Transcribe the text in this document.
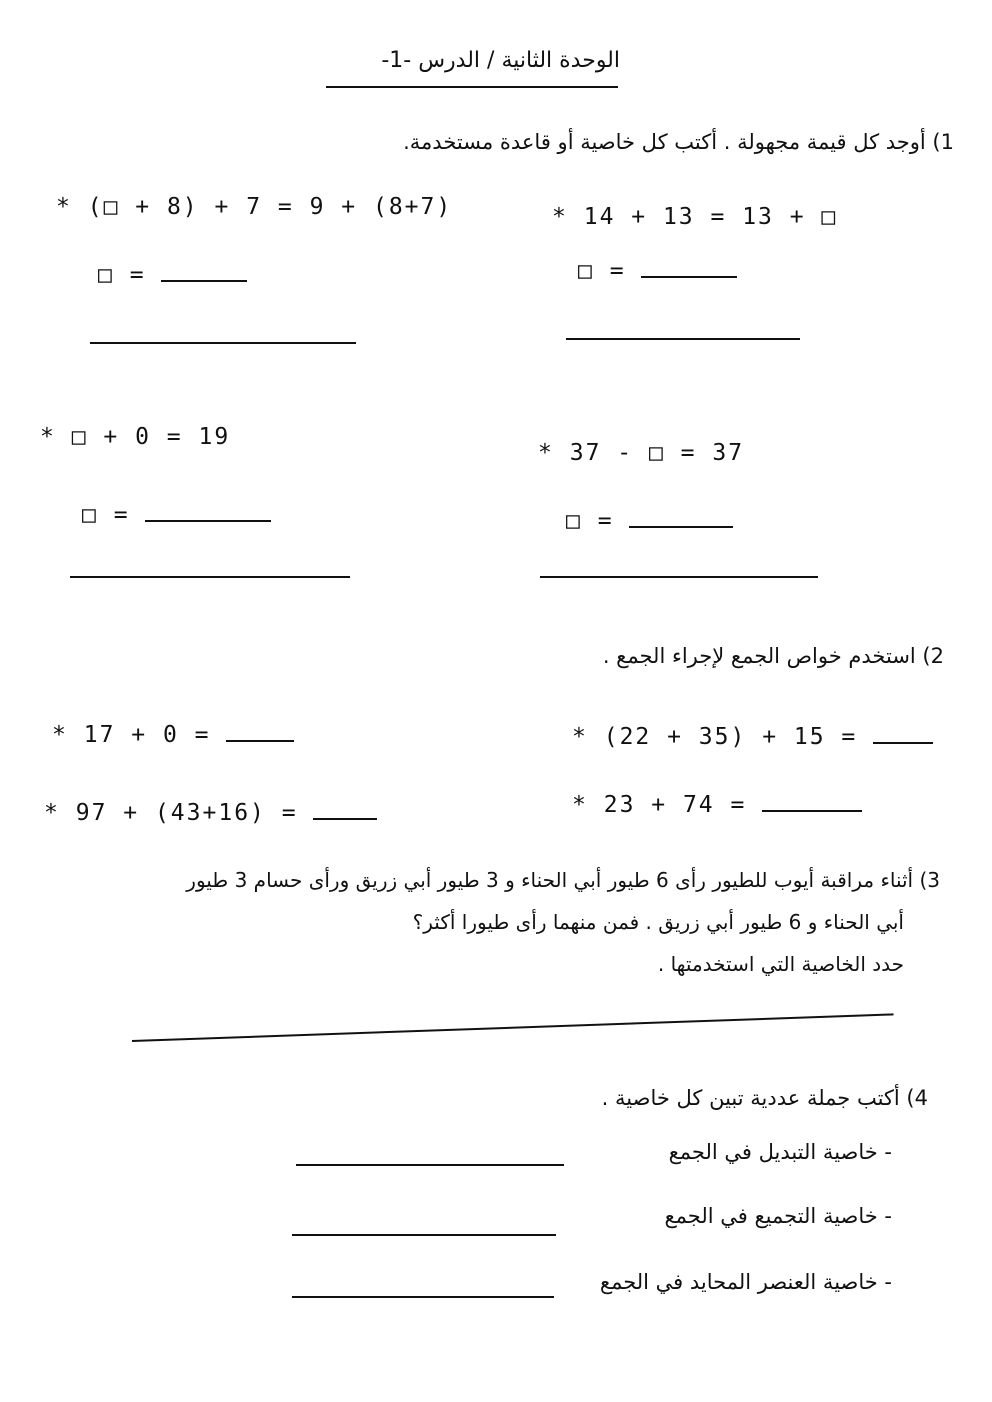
الوحدة الثانية / الدرس -1-
1) أوجد كل قيمة مجهولة . أكتب كل خاصية أو قاعدة مستخدمة.
* (□ + 8) + 7 = 9 + (8+7)
□ =
* 14 + 13 = 13 + □
□ =
* □ + 0 = 19
□ =
* 37 - □ = 37
□ =
2) استخدم خواص الجمع لإجراء الجمع .
* 17 + 0 =	* (22 + 35) + 15 =
* 97 + (43+16) =	* 23 + 74 =
3) أثناء مراقبة أيوب للطيور رأى 6 طيور أبي الحناء و 3 طيور أبي زريق ورأى حسام 3 طيور
أبي الحناء و 6 طيور أبي زريق . فمن منهما رأى طيورا أكثر؟
حدد الخاصية التي استخدمتها .
4) أكتب جملة عددية تبين كل خاصية .
- خاصية التبديل في الجمع
- خاصية التجميع في الجمع
- خاصية العنصر المحايد في الجمع
